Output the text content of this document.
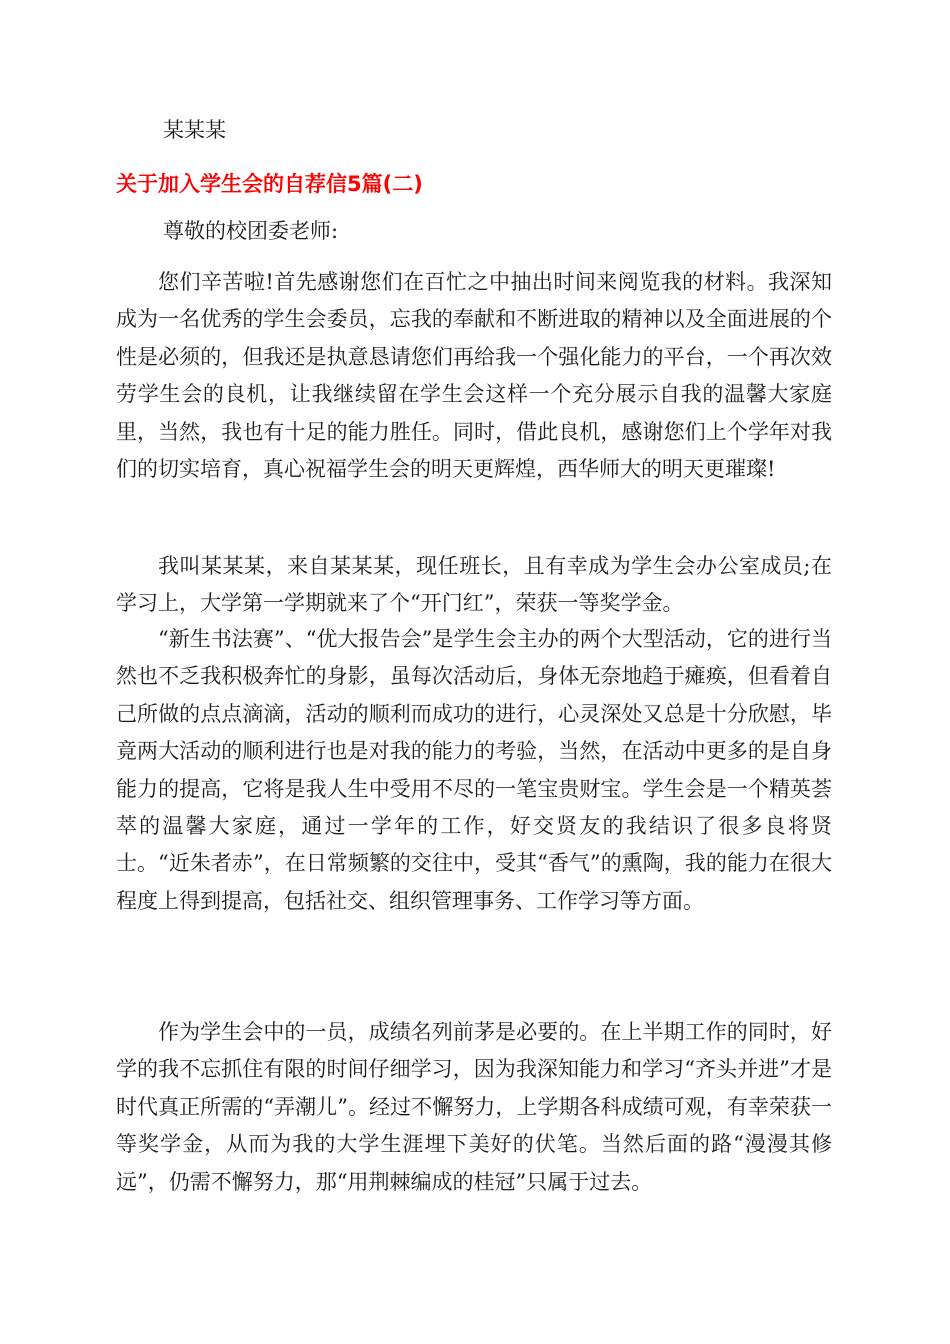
某某某

关于加入学生会的自荐信5篇(二)

尊敬的校团委老师:

您们辛苦啦!首先感谢您们在百忙之中抽出时间来阅览我的材料。我深知成为一名优秀的学生会委员，忘我的奉献和不断进取的精神以及全面进展的个性是必须的，但我还是执意恳请您们再给我一个强化能力的平台，一个再次效劳学生会的良机，让我继续留在学生会这样一个充分展示自我的温馨大家庭里，当然，我也有十足的能力胜任。同时，借此良机，感谢您们上个学年对我们的切实培育，真心祝福学生会的明天更辉煌，西华师大的明天更璀璨!

我叫某某某，来自某某某，现任班长，且有幸成为学生会办公室成员;在学习上，大学第一学期就来了个“开门红”，荣获一等奖学金。

“新生书法赛”、“优大报告会”是学生会主办的两个大型活动，它的进行当然也不乏我积极奔忙的身影，虽每次活动后，身体无奈地趋于瘫痪，但看着自己所做的点点滴滴，活动的顺利而成功的进行，心灵深处又总是十分欣慰，毕竟两大活动的顺利进行也是对我的能力的考验，当然，在活动中更多的是自身能力的提高，它将是我人生中受用不尽的一笔宝贵财宝。学生会是一个精英荟萃的温馨大家庭，通过一学年的工作，好交贤友的我结识了很多良将贤士。“近朱者赤”，在日常频繁的交往中，受其“香气”的熏陶，我的能力在很大程度上得到提高，包括社交、组织管理事务、工作学习等方面。

作为学生会中的一员，成绩名列前茅是必要的。在上半期工作的同时，好学的我不忘抓住有限的时间仔细学习，因为我深知能力和学习“齐头并进”才是时代真正所需的“弄潮儿”。经过不懈努力，上学期各科成绩可观，有幸荣获一等奖学金，从而为我的大学生涯埋下美好的伏笔。当然后面的路“漫漫其修远”，仍需不懈努力，那“用荆棘编成的桂冠”只属于过去。
